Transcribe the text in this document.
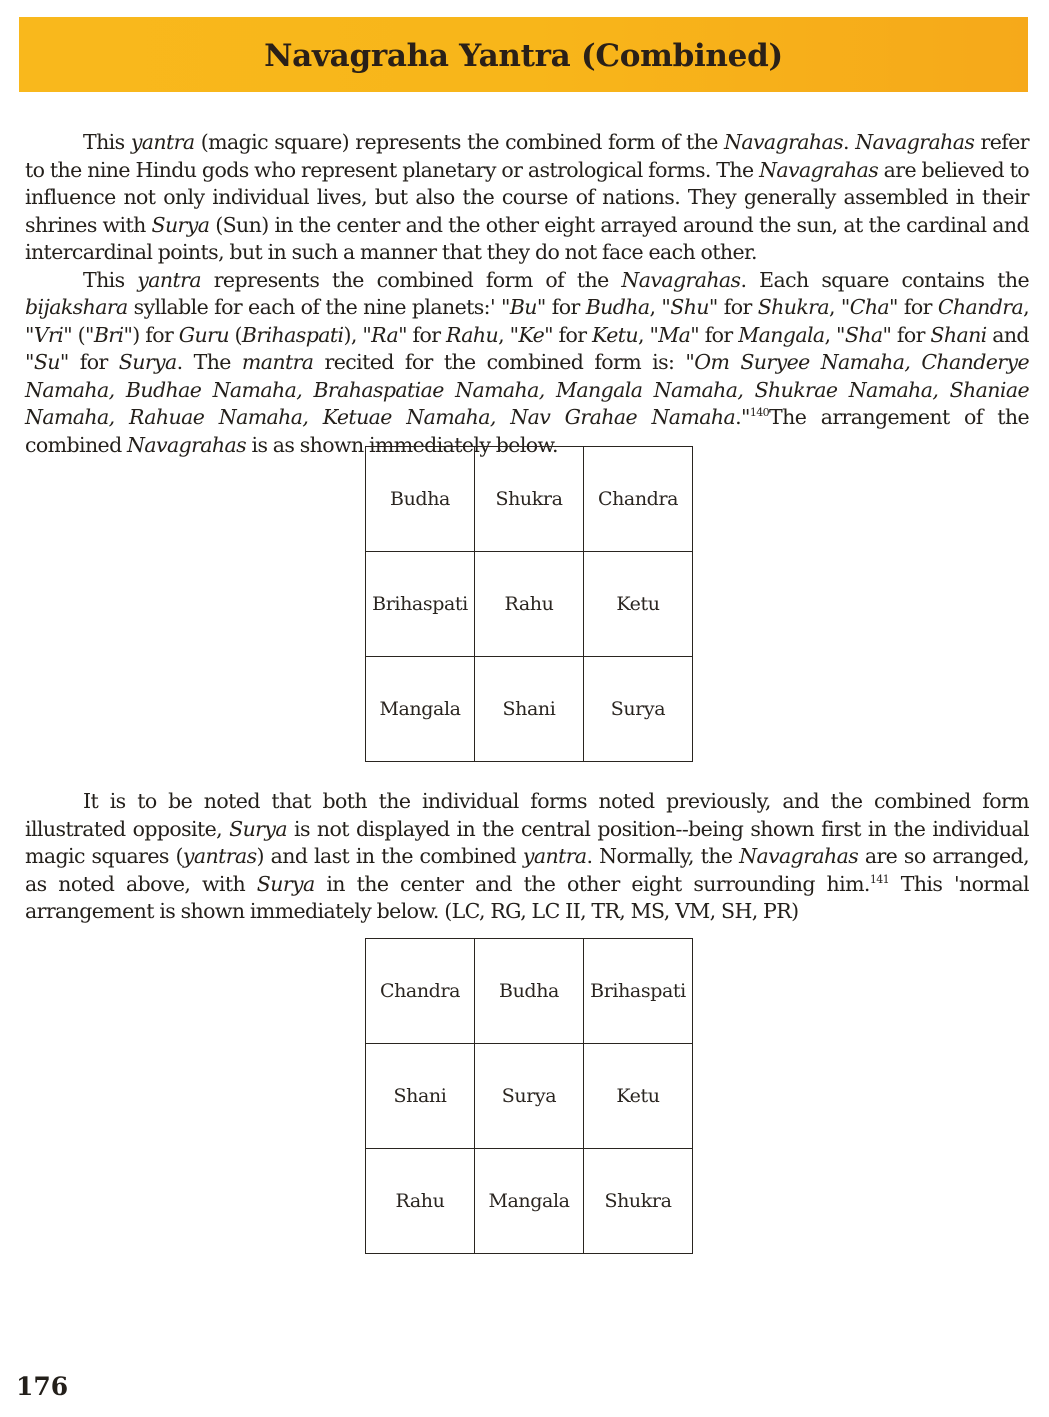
Navagraha Yantra (Combined)

This yantra (magic square) represents the combined form of the Navagrahas. Navagrahas refer to the nine Hindu gods who represent planetary or astrological forms. The Navagrahas are believed to influence not only individual lives, but also the course of nations. They generally assembled in their shrines with Surya (Sun) in the center and the other eight arrayed around the sun, at the cardinal and intercardinal points, but in such a manner that they do not face each other.

This yantra represents the combined form of the Navagrahas. Each square contains the bijakshara syllable for each of the nine planets:' "Bu" for Budha, "Shu" for Shukra, "Cha" for Chandra, "Vri" ("Bri") for Guru (Brihaspati), "Ra" for Rahu, "Ke" for Ketu, "Ma" for Mangala, "Sha" for Shani and "Su" for Surya. The mantra recited for the combined form is: "Om Suryee Namaha, Chanderye Namaha, Budhae Namaha, Brahaspatiae Namaha, Mangala Namaha, Shukrae Namaha, Shaniae Namaha, Rahuae Namaha, Ketuae Namaha, Nav Grahae Namaha."$^{140}$The arrangement of the combined Navagrahas is as shown immediately below.

Budha	Shukra	Chandra
Brihaspati	Rahu	Ketu
Mangala	Shani	Surya

It is to be noted that both the individual forms noted previously, and the combined form illustrated opposite, Surya is not displayed in the central position--being shown first in the individual magic squares (yantras) and last in the combined yantra. Normally, the Navagrahas are so arranged, as noted above, with Surya in the center and the other eight surrounding him.$^{141}$ This 'normal arrangement is shown immediately below. (LC, RG, LC II, TR, MS, VM, SH, PR)

Chandra	Budha	Brihaspati
Shani	Surya	Ketu
Rahu	Mangala	Shukra
176
